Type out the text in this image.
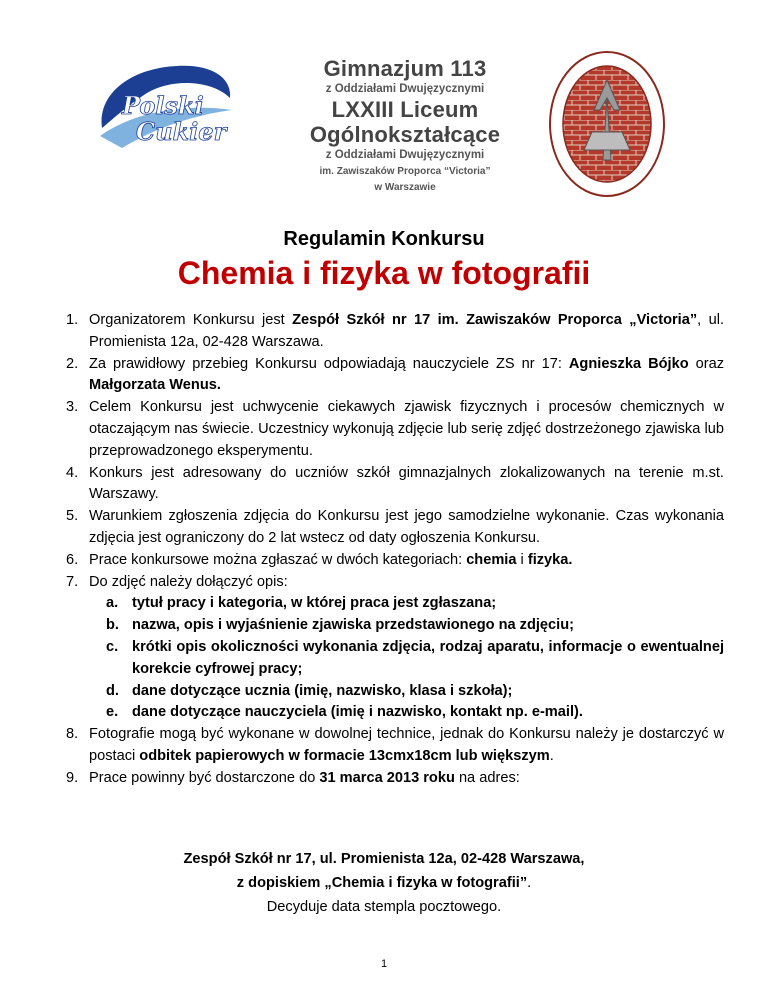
Polski
Cukier
Gimnazjum 113
z Oddziałami Dwujęzycznymi
LXXIII Liceum Ogólnokształcące
z Oddziałami Dwujęzycznymi
im. Zawiszaków Proporca “Victoria”
w Warszawie
Regulamin Konkursu
Chemia i fizyka w fotografii
1. Organizatorem Konkursu jest Zespół Szkół nr 17 im. Zawiszaków Proporca „Victoria”, ul. Promienista 12a, 02-428 Warszawa.
2. Za prawidłowy przebieg Konkursu odpowiadają nauczyciele ZS nr 17: Agnieszka Bójko oraz Małgorzata Wenus.
3. Celem Konkursu jest uchwycenie ciekawych zjawisk fizycznych i procesów chemicznych w otaczającym nas świecie. Uczestnicy wykonują zdjęcie lub serię zdjęć dostrzeżonego zjawiska lub przeprowadzonego eksperymentu.
4. Konkurs jest adresowany do uczniów szkół gimnazjalnych zlokalizowanych na terenie m.st. Warszawy.
5. Warunkiem zgłoszenia zdjęcia do Konkursu jest jego samodzielne wykonanie. Czas wykonania zdjęcia jest ograniczony do 2 lat wstecz od daty ogłoszenia Konkursu.
6. Prace konkursowe można zgłaszać w dwóch kategoriach: chemia i fizyka.
7. Do zdjęć należy dołączyć opis:
a. tytuł pracy i kategoria, w której praca jest zgłaszana;
b. nazwa, opis i wyjaśnienie zjawiska przedstawionego na zdjęciu;
c. krótki opis okoliczności wykonania zdjęcia, rodzaj aparatu, informacje o ewentualnej korekcie cyfrowej pracy;
d. dane dotyczące ucznia (imię, nazwisko, klasa i szkoła);
e. dane dotyczące nauczyciela (imię i nazwisko, kontakt np. e-mail).
8. Fotografie mogą być wykonane w dowolnej technice, jednak do Konkursu należy je dostarczyć w postaci odbitek papierowych w formacie 13cmx18cm lub większym.
9. Prace powinny być dostarczone do 31 marca 2013 roku na adres:
Zespół Szkół nr 17, ul. Promienista 12a, 02-428 Warszawa,
z dopiskiem „Chemia i fizyka w fotografii”.
Decyduje data stempla pocztowego.
1
